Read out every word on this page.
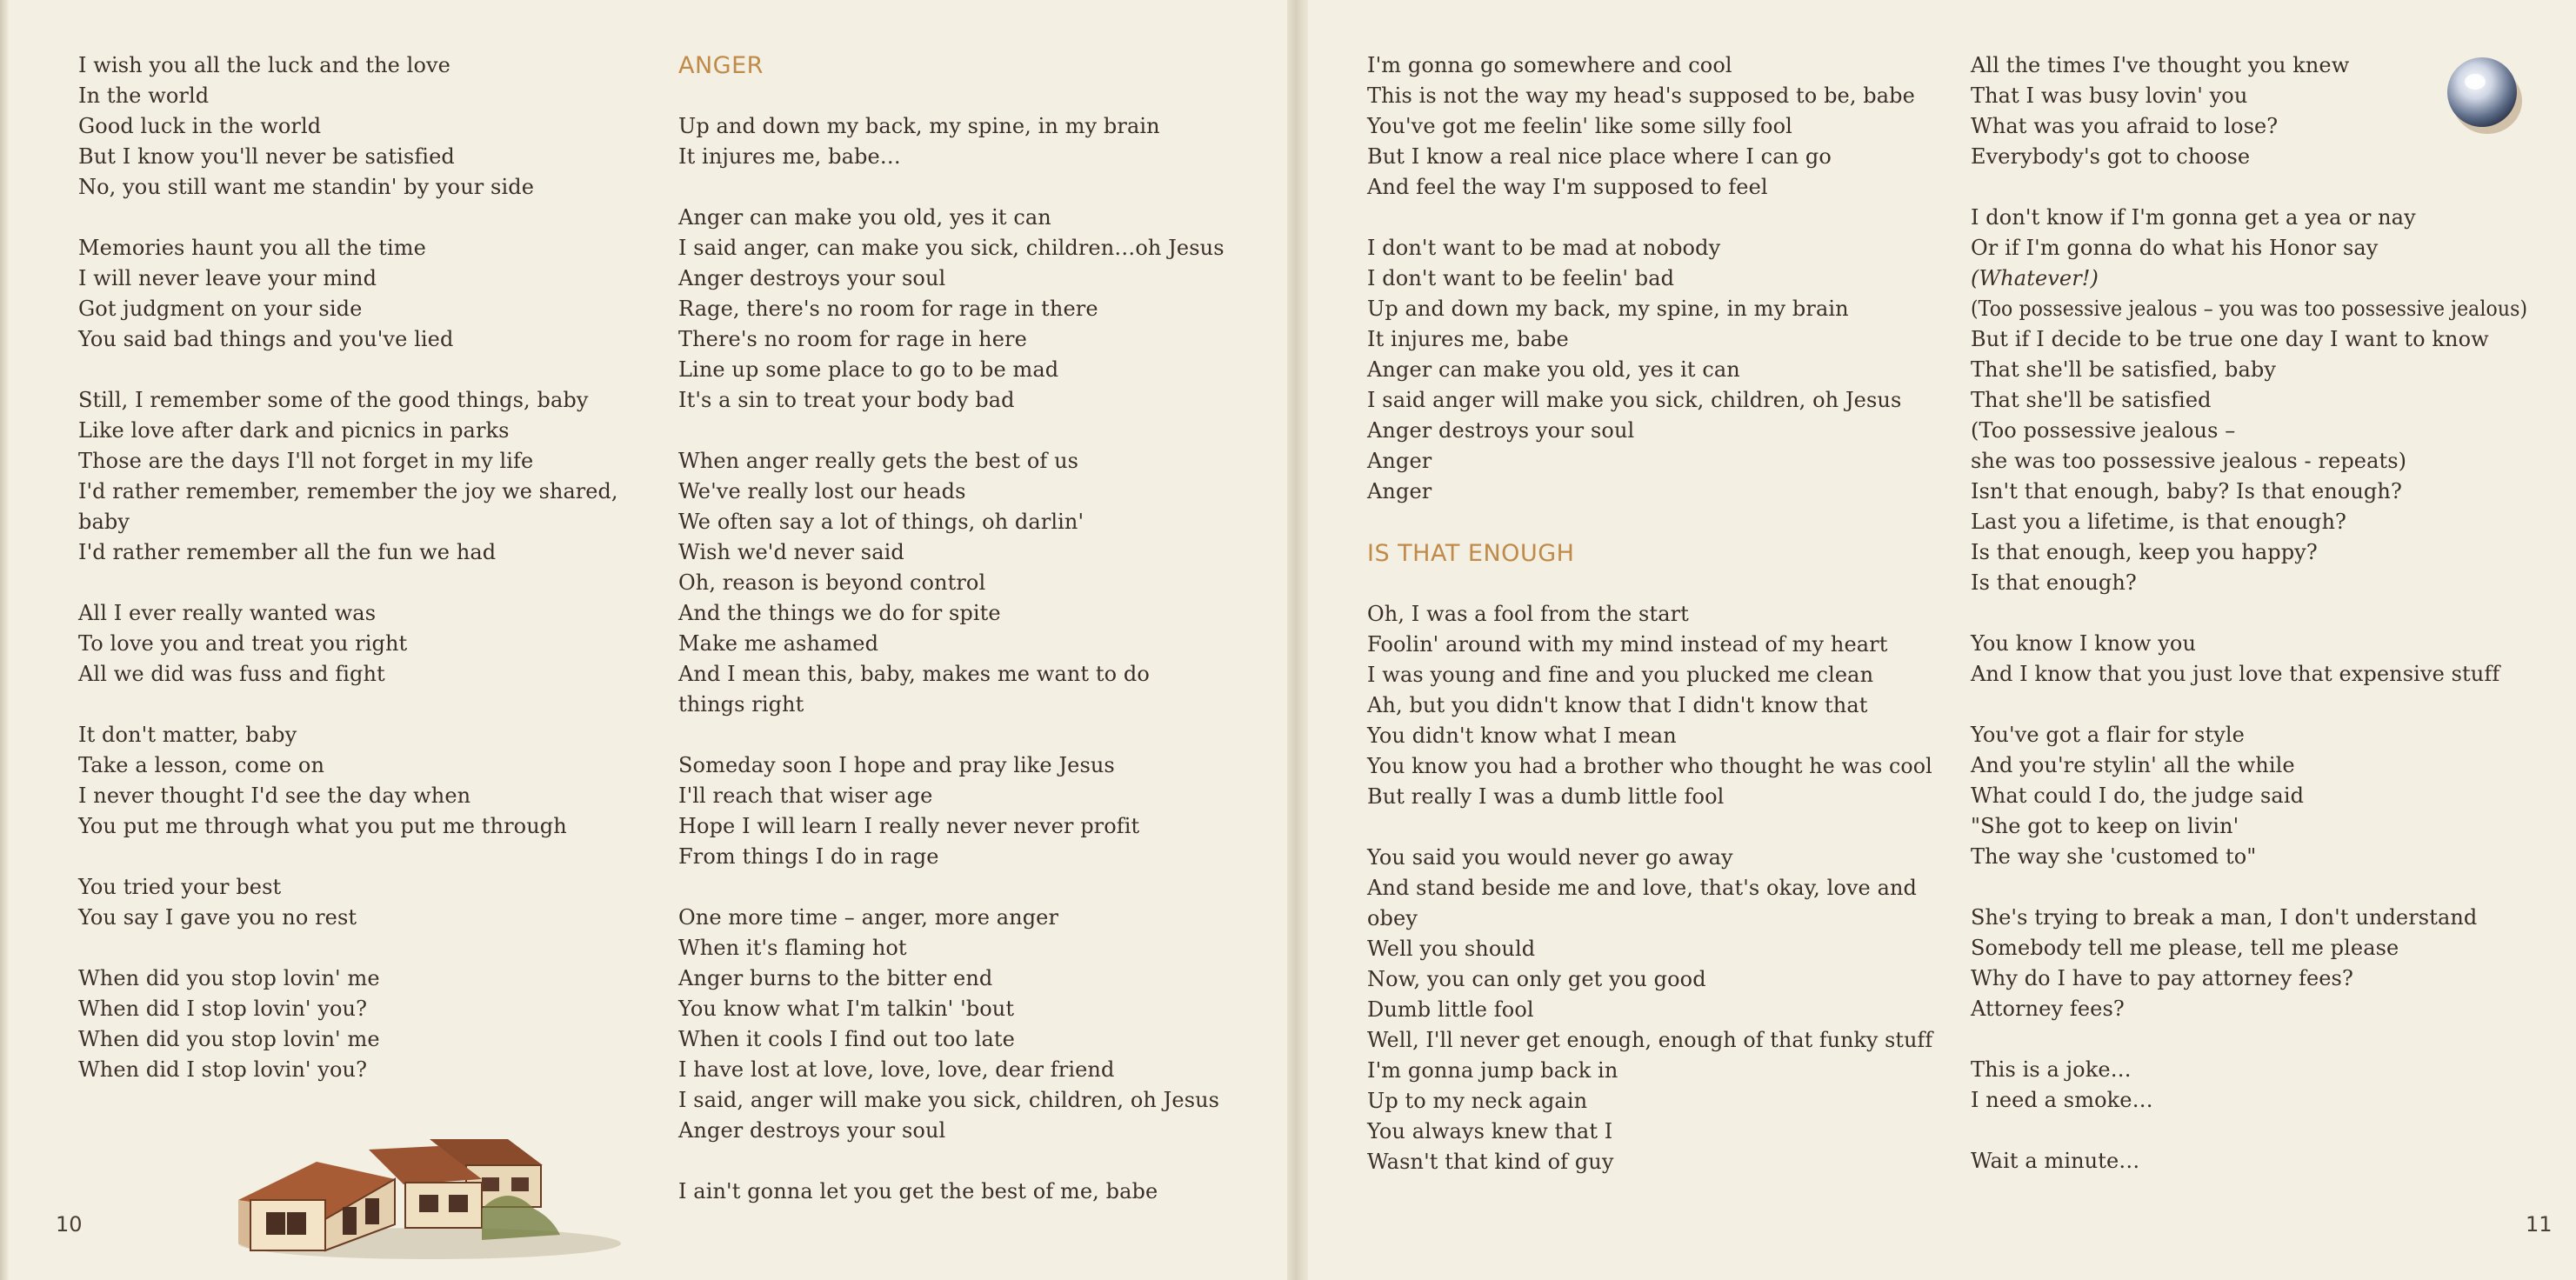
I wish you all the luck and the love
In the world
Good luck in the world
But I know you'll never be satisfied
No, you still want me standin' by your side
Memories haunt you all the time
I will never leave your mind
Got judgment on your side
You said bad things and you've lied
Still, I remember some of the good things, baby
Like love after dark and picnics in parks
Those are the days I'll not forget in my life
I'd rather remember, remember the joy we shared,
baby
I'd rather remember all the fun we had
All I ever really wanted was
To love you and treat you right
All we did was fuss and fight
It don't matter, baby
Take a lesson, come on
I never thought I'd see the day when
You put me through what you put me through
You tried your best
You say I gave you no rest
When did you stop lovin' me
When did I stop lovin' you?
When did you stop lovin' me
When did I stop lovin' you?
ANGER
Up and down my back, my spine, in my brain
It injures me, babe…
Anger can make you old, yes it can
I said anger, can make you sick, children…oh Jesus
Anger destroys your soul
Rage, there's no room for rage in there
There's no room for rage in here
Line up some place to go to be mad
It's a sin to treat your body bad
When anger really gets the best of us
We've really lost our heads
We often say a lot of things, oh darlin'
Wish we'd never said
Oh, reason is beyond control
And the things we do for spite
Make me ashamed
And I mean this, baby, makes me want to do
things right
Someday soon I hope and pray like Jesus
I'll reach that wiser age
Hope I will learn I really never never profit
From things I do in rage
One more time – anger, more anger
When it's flaming hot
Anger burns to the bitter end
You know what I'm talkin' 'bout
When it cools I find out too late
I have lost at love, love, love, dear friend
I said, anger will make you sick, children, oh Jesus
Anger destroys your soul
I ain't gonna let you get the best of me, babe
I'm gonna go somewhere and cool
This is not the way my head's supposed to be, babe
You've got me feelin' like some silly fool
But I know a real nice place where I can go
And feel the way I'm supposed to feel
I don't want to be mad at nobody
I don't want to be feelin' bad
Up and down my back, my spine, in my brain
It injures me, babe
Anger can make you old, yes it can
I said anger will make you sick, children, oh Jesus
Anger destroys your soul
Anger
Anger
IS THAT ENOUGH
Oh, I was a fool from the start
Foolin' around with my mind instead of my heart
I was young and fine and you plucked me clean
Ah, but you didn't know that I didn't know that
You didn't know what I mean
You know you had a brother who thought he was cool
But really I was a dumb little fool
You said you would never go away
And stand beside me and love, that's okay, love and
obey
Well you should
Now, you can only get you good
Dumb little fool
Well, I'll never get enough, enough of that funky stuff
I'm gonna jump back in
Up to my neck again
You always knew that I
Wasn't that kind of guy
All the times I've thought you knew
That I was busy lovin' you
What was you afraid to lose?
Everybody's got to choose
I don't know if I'm gonna get a yea or nay
Or if I'm gonna do what his Honor say
(Whatever!)
(Too possessive jealous – you was too possessive jealous)
But if I decide to be true one day I want to know
That she'll be satisfied, baby
That she'll be satisfied
(Too possessive jealous –
she was too possessive jealous - repeats)
Isn't that enough, baby? Is that enough?
Last you a lifetime, is that enough?
Is that enough, keep you happy?
Is that enough?
You know I know you
And I know that you just love that expensive stuff
You've got a flair for style
And you're stylin' all the while
What could I do, the judge said
"She got to keep on livin'
The way she 'customed to"
She's trying to break a man, I don't understand
Somebody tell me please, tell me please
Why do I have to pay attorney fees?
Attorney fees?
This is a joke…
I need a smoke…
Wait a minute…
10	11
